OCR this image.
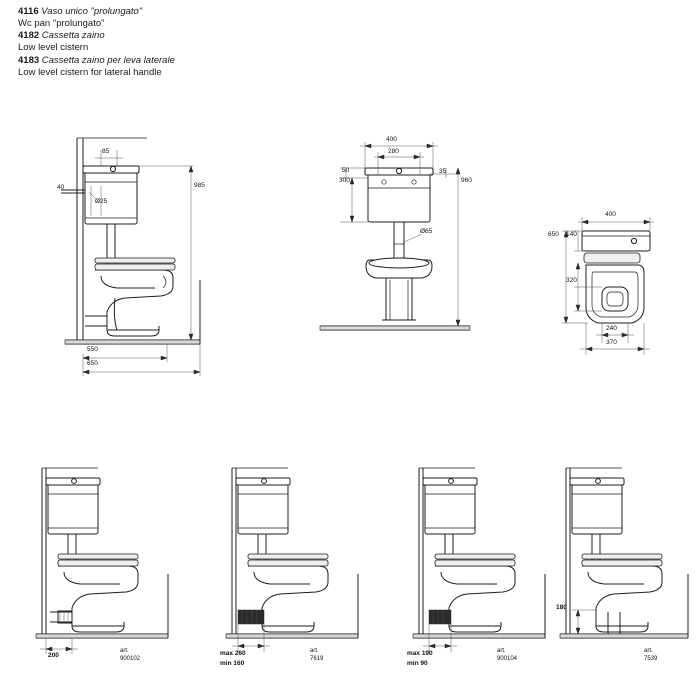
4116 Vaso unico "prolungato"
Wc pan "prolungato"
4182 Cassetta zaino
Low level cistern
4183 Cassetta zaino per leva laterale
Low level cistern for lateral handle
85
40
Ø25
985
550
650
400
280
50
300
35
960
Ø65
400
650 140
320
240
370
200
art.
900102
max 260
min 160
art.
7619
max 190
min 90
art.
900104
180
art.
7539
